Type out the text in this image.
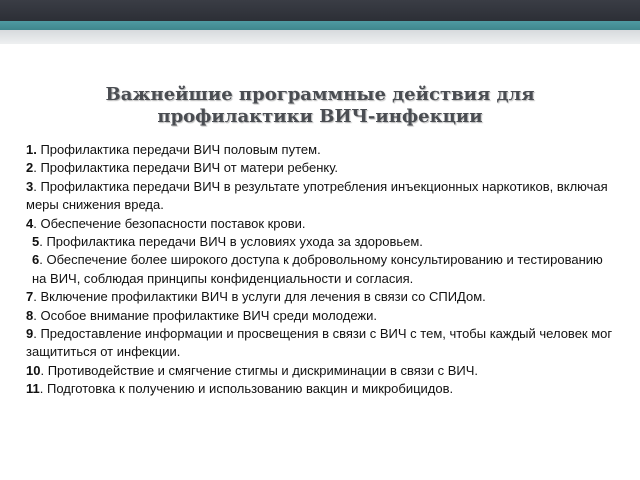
Важнейшие программные действия для профилактики ВИЧ-инфекции
1. Профилактика передачи ВИЧ половым путем.
2. Профилактика передачи ВИЧ от матери ребенку.
3. Профилактика передачи ВИЧ в результате употребления инъекционных наркотиков, включая меры снижения вреда.
4. Обеспечение безопасности поставок крови.
5. Профилактика передачи ВИЧ в условиях ухода за здоровьем.
6. Обеспечение более широкого доступа к добровольному консультированию и тестированию на ВИЧ, соблюдая принципы конфиденциальности и согласия.
7. Включение профилактики ВИЧ в услуги для лечения в связи со СПИДом.
8. Особое внимание профилактике ВИЧ среди молодежи.
9. Предоставление информации и просвещения в связи с ВИЧ с тем, чтобы каждый человек мог защититься от инфекции.
10. Противодействие и смягчение стигмы и дискриминации в связи с ВИЧ.
11. Подготовка к получению и использованию вакцин и микробицидов.
